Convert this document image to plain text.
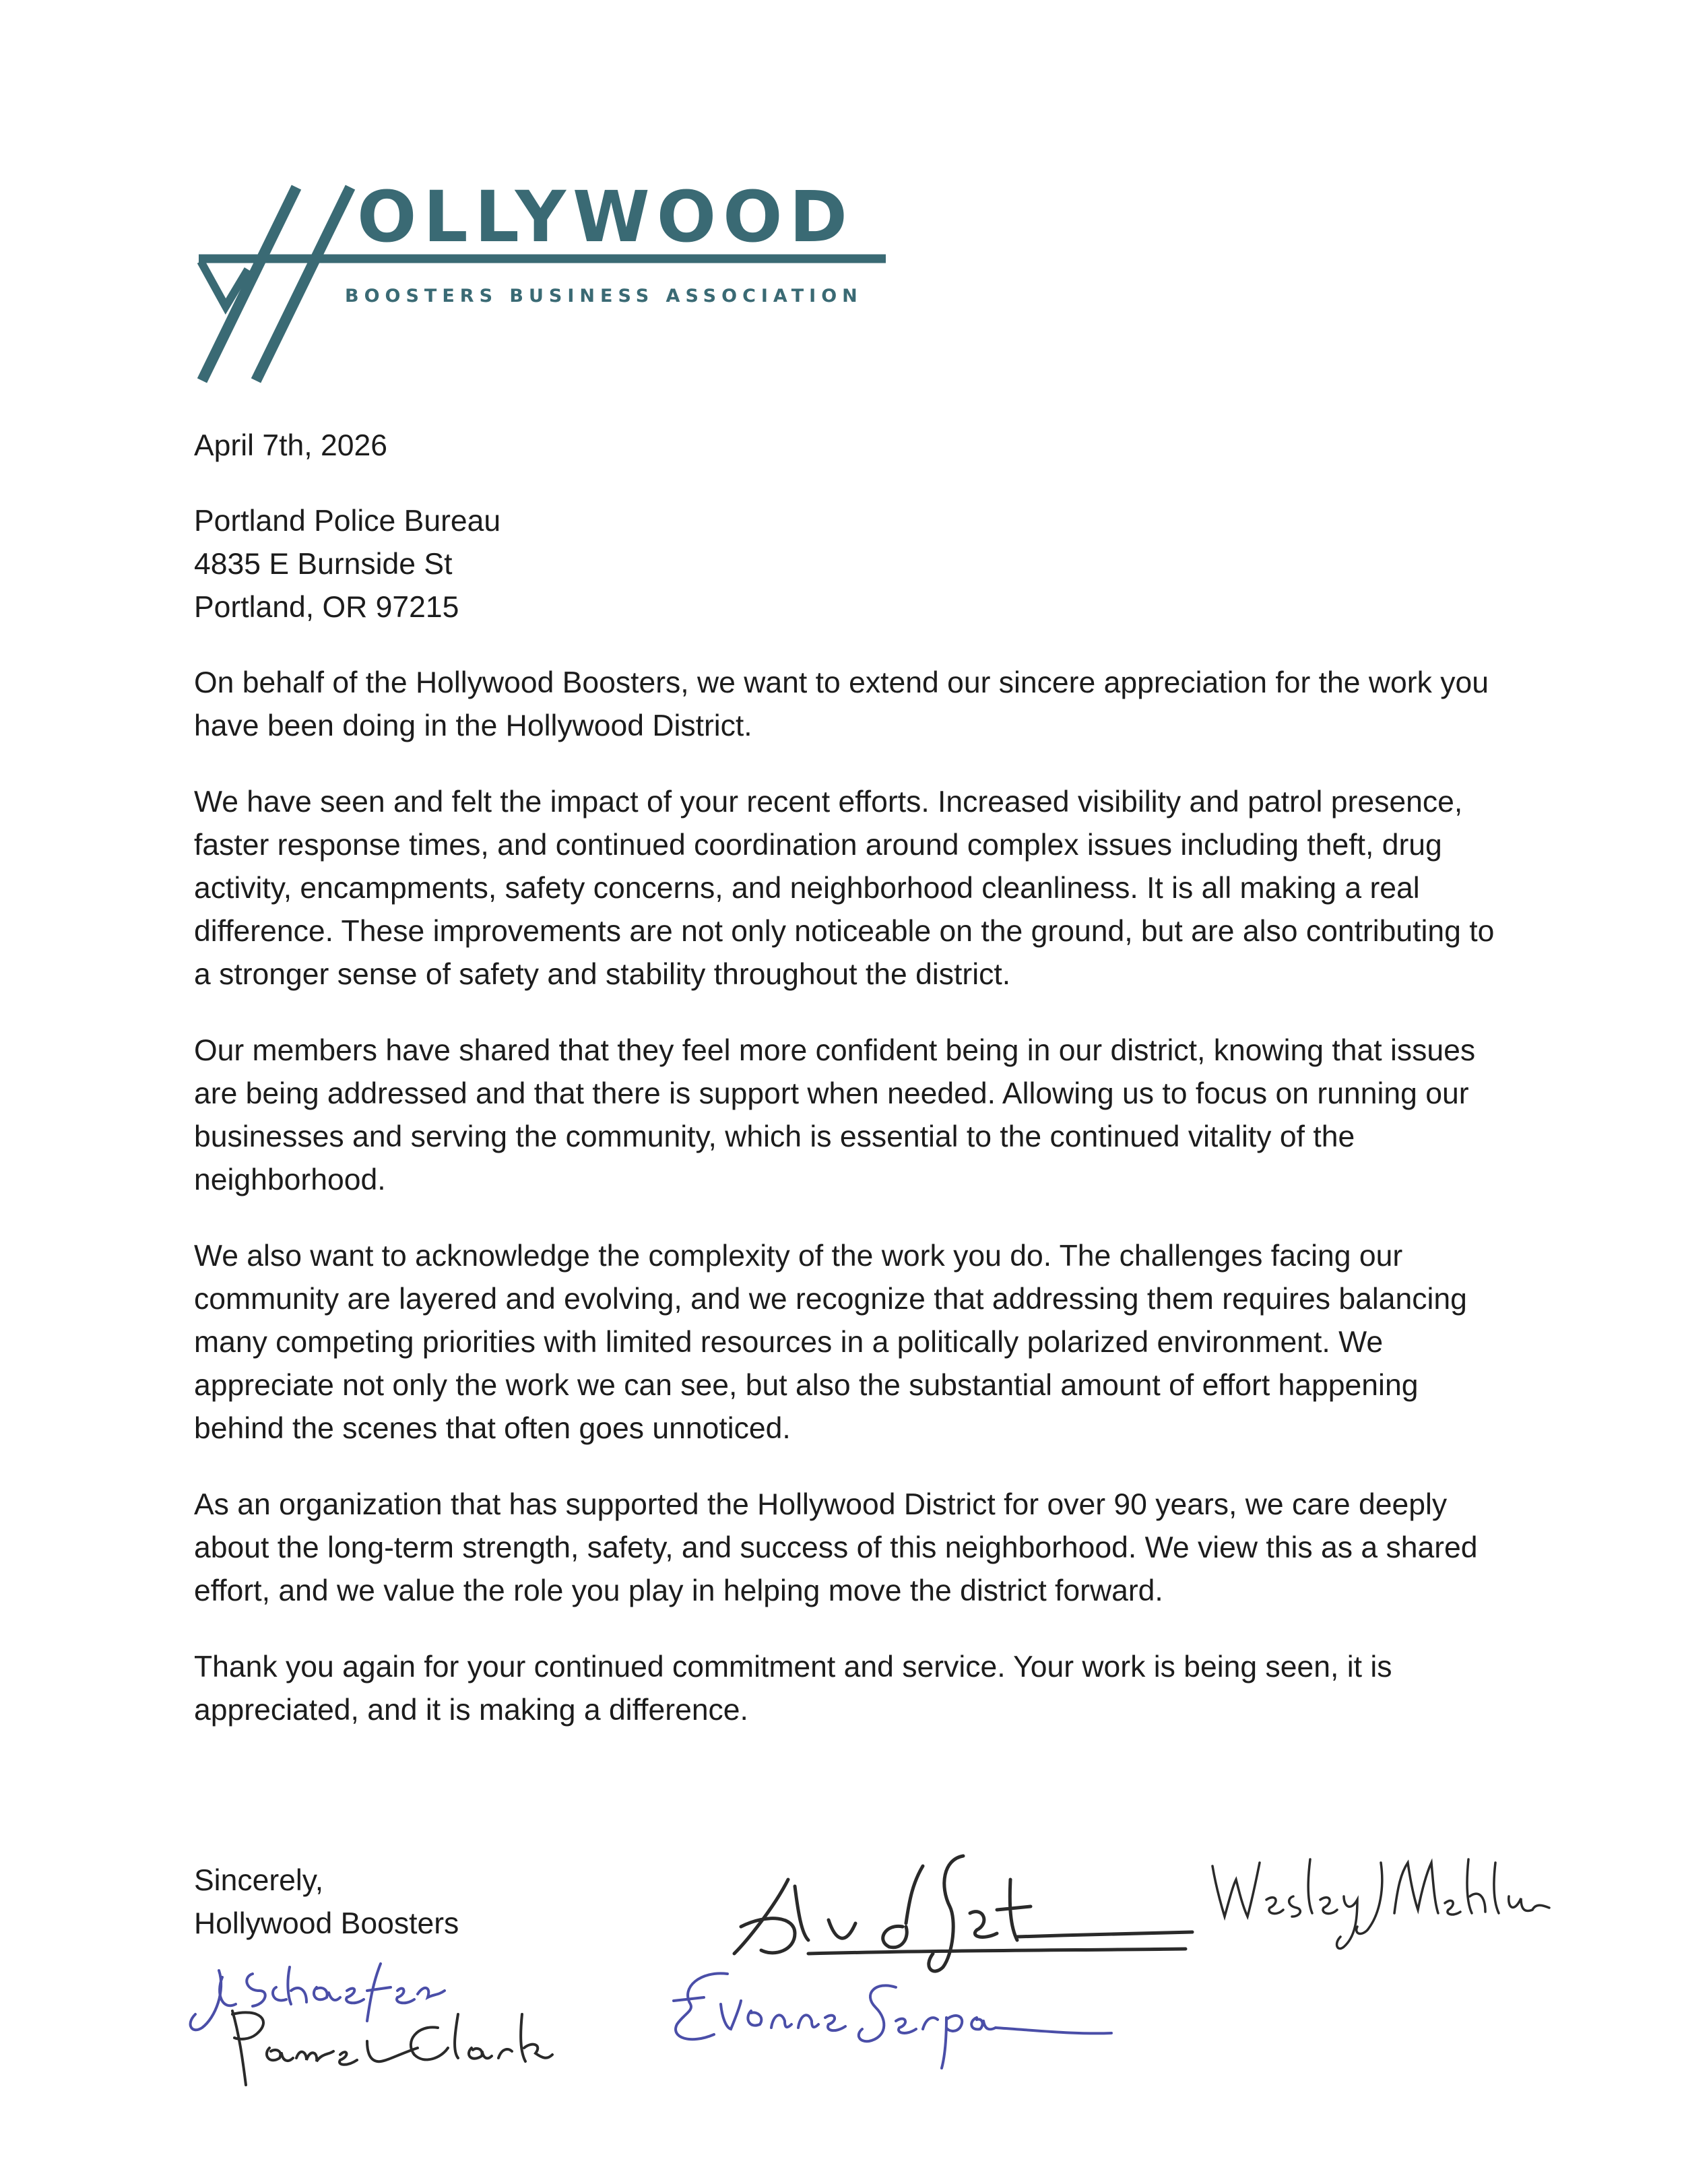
OLLYWOOD
BOOSTERS BUSINESS ASSOCIATION

April 7th, 2026

Portland Police Bureau
4835 E Burnside St
Portland, OR 97215

On behalf of the Hollywood Boosters, we want to extend our sincere appreciation for the work you have been doing in the Hollywood District.

We have seen and felt the impact of your recent efforts. Increased visibility and patrol presence, faster response times, and continued coordination around complex issues including theft, drug activity, encampments, safety concerns, and neighborhood cleanliness. It is all making a real difference. These improvements are not only noticeable on the ground, but are also contributing to a stronger sense of safety and stability throughout the district.

Our members have shared that they feel more confident being in our district, knowing that issues are being addressed and that there is support when needed. Allowing us to focus on running our businesses and serving the community, which is essential to the continued vitality of the neighborhood.

We also want to acknowledge the complexity of the work you do. The challenges facing our community are layered and evolving, and we recognize that addressing them requires balancing many competing priorities with limited resources in a politically polarized environment. We appreciate not only the work we can see, but also the substantial amount of effort happening behind the scenes that often goes unnoticed.

As an organization that has supported the Hollywood District for over 90 years, we care deeply about the long-term strength, safety, and success of this neighborhood. We view this as a shared effort, and we value the role you play in helping move the district forward.

Thank you again for your continued commitment and service. Your work is being seen, it is appreciated, and it is making a difference.

Sincerely,
Hollywood Boosters
